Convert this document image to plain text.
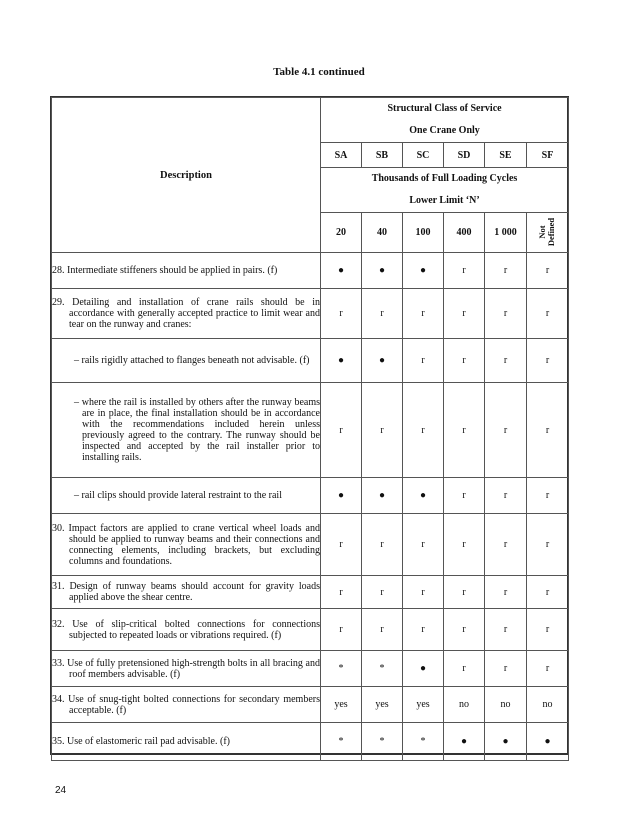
Table 4.1 continued
Description	Structural Class of Service
One Crane Only					

	SA	SB	SC	SD	SE	SF

	Thousands of Full Loading Cycles
Lower Limit ‘N’					

	20	40	100	400	1 000	Not Defined

28. Intermediate stiffeners should be applied in pairs. (f)	●	●	●	r	r	r

29. Detailing and installation of crane rails should be in accordance with generally accepted practice to limit wear and tear on the runway and cranes:	r	r	r	r	r	r

– rails rigidly attached to flanges beneath not advisable. (f)	●	●	r	r	r	r

– where the rail is installed by others after the runway beams are in place, the final installation should be in accordance with the recommendations included herein unless previously agreed to the contrary. The runway should be inspected and accepted by the rail installer prior to installing rails.	r	r	r	r	r	r

– rail clips should provide lateral restraint to the rail	●	●	●	r	r	r

30. Impact factors are applied to crane vertical wheel loads and should be applied to runway beams and their connections and connecting elements, including brackets, but excluding columns and foundations.	r	r	r	r	r	r

31. Design of runway beams should account for gravity loads applied above the shear centre.	r	r	r	r	r	r

32. Use of slip-critical bolted connections for connections subjected to repeated loads or vibrations required. (f)	r	r	r	r	r	r

33. Use of fully pretensioned high-strength bolts in all bracing and roof members advisable. (f)	*	*	●	r	r	r

34. Use of snug-tight bolted connections for secondary members acceptable. (f)	yes	yes	yes	no	no	no

35. Use of elastomeric rail pad advisable. (f)	*	*	*	●	●	●
24
